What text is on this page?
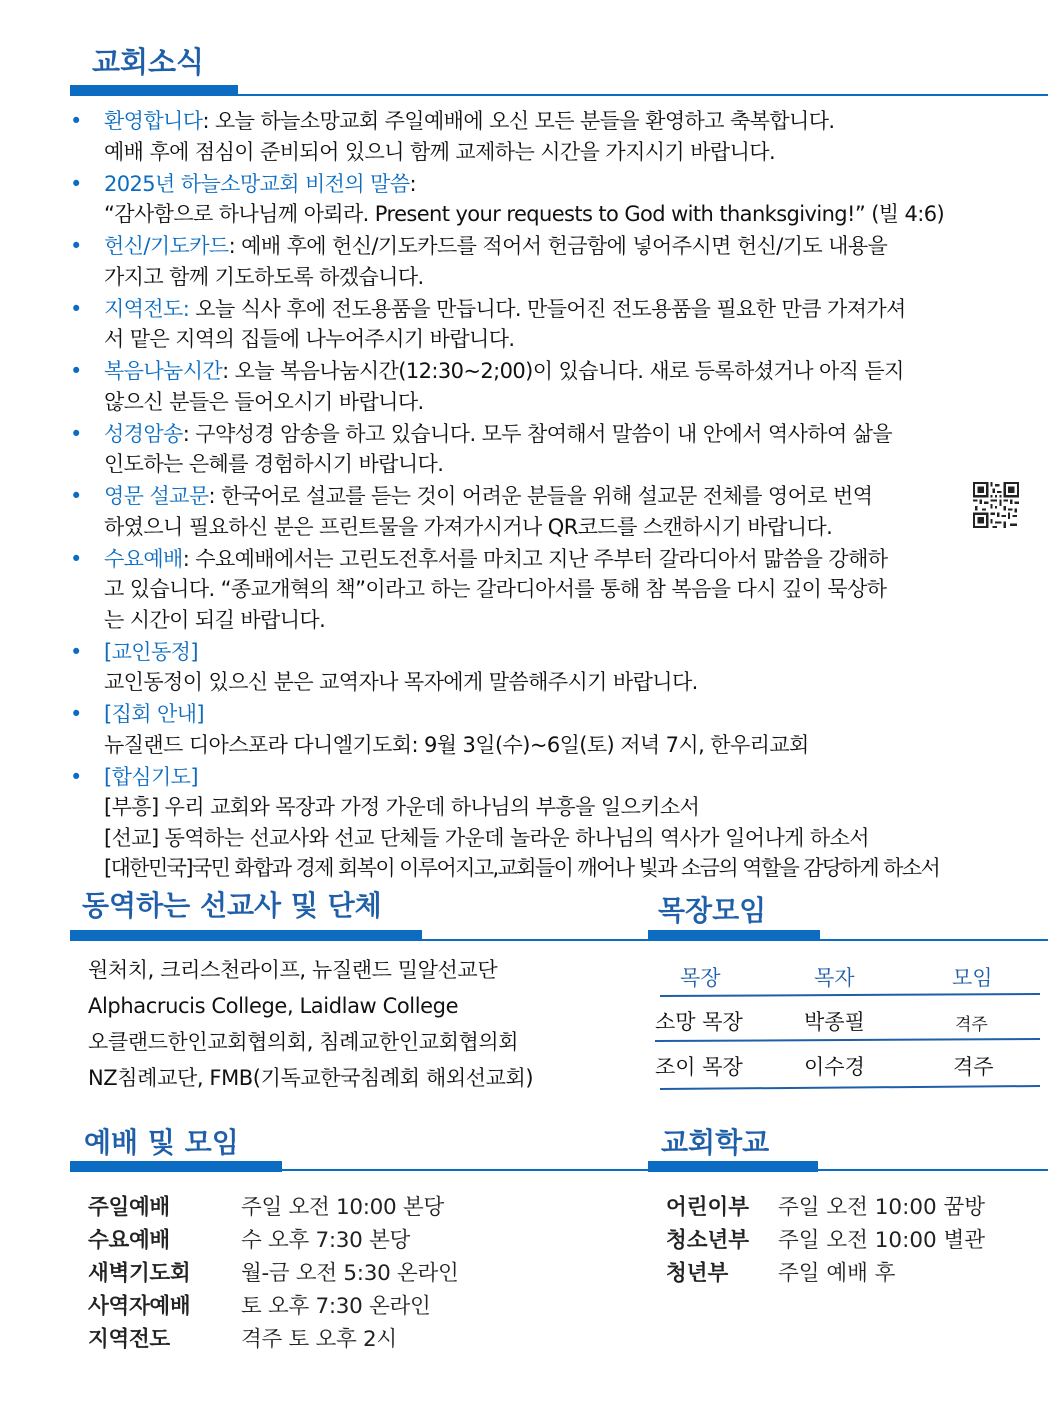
교회소식
• 환영합니다: 오늘 하늘소망교회 주일예배에 오신 모든 분들을 환영하고 축복합니다.
예배 후에 점심이 준비되어 있으니 함께 교제하는 시간을 가지시기 바랍니다.
• 2025년 하늘소망교회 비전의 말씀:
“감사함으로 하나님께 아뢰라. Present your requests to God with thanksgiving!” (빌 4:6)
• 헌신/기도카드: 예배 후에 헌신/기도카드를 적어서 헌금함에 넣어주시면 헌신/기도 내용을
가지고 함께 기도하도록 하겠습니다.
• 지역전도: 오늘 식사 후에 전도용품을 만듭니다. 만들어진 전도용품을 필요한 만큼 가져가셔
서 맡은 지역의 집들에 나누어주시기 바랍니다.
• 복음나눔시간: 오늘 복음나눔시간(12:30~2;00)이 있습니다. 새로 등록하셨거나 아직 듣지
않으신 분들은 들어오시기 바랍니다.
• 성경암송: 구약성경 암송을 하고 있습니다. 모두 참여해서 말씀이 내 안에서 역사하여 삶을
인도하는 은혜를 경험하시기 바랍니다.
• 영문 설교문: 한국어로 설교를 듣는 것이 어려운 분들을 위해 설교문 전체를 영어로 번역
하였으니 필요하신 분은 프린트물을 가져가시거나 QR코드를 스캔하시기 바랍니다.
• 수요예배: 수요예배에서는 고린도전후서를 마치고 지난 주부터 갈라디아서 맒씀을 강해하
고 있습니다. “종교개혁의 책”이라고 하는 갈라디아서를 통해 참 복음을 다시 깊이 묵상하
는 시간이 되길 바랍니다.
• [교인동정]
교인동정이 있으신 분은 교역자나 목자에게 말씀해주시기 바랍니다.
• [집회 안내]
뉴질랜드 디아스포라 다니엘기도회: 9월 3일(수)~6일(토) 저녁 7시, 한우리교회
• [합심기도]
[부흥] 우리 교회와 목장과 가정 가운데 하나님의 부흥을 일으키소서
[선교] 동역하는 선교사와 선교 단체들 가운데 놀라운 하나님의 역사가 일어나게 하소서
[대한민국]국민 화합과 경제 회복이 이루어지고,교회들이 깨어나 빛과 소금의 역할을 감당하게 하소서
동역하는 선교사 및 단체
원처치, 크리스천라이프, 뉴질랜드 밀알선교단
Alphacrucis College, Laidlaw College
오클랜드한인교회협의회, 침례교한인교회협의회
NZ침례교단, FMB(기독교한국침례회 해외선교회)
목장모임
목장	목자	모임
소망 목장	박종필	격주
조이 목장	이수경	격주
예배 및 모임
주일예배	주일 오전 10:00 본당
수요예배	수 오후 7:30 본당
새벽기도회	월-금 오전 5:30 온라인
사역자예배	토 오후 7:30 온라인
지역전도	격주 토 오후 2시
교회학교
어린이부	주일 오전 10:00 꿈방
청소년부	주일 오전 10:00 별관
청년부	주일 예배 후
